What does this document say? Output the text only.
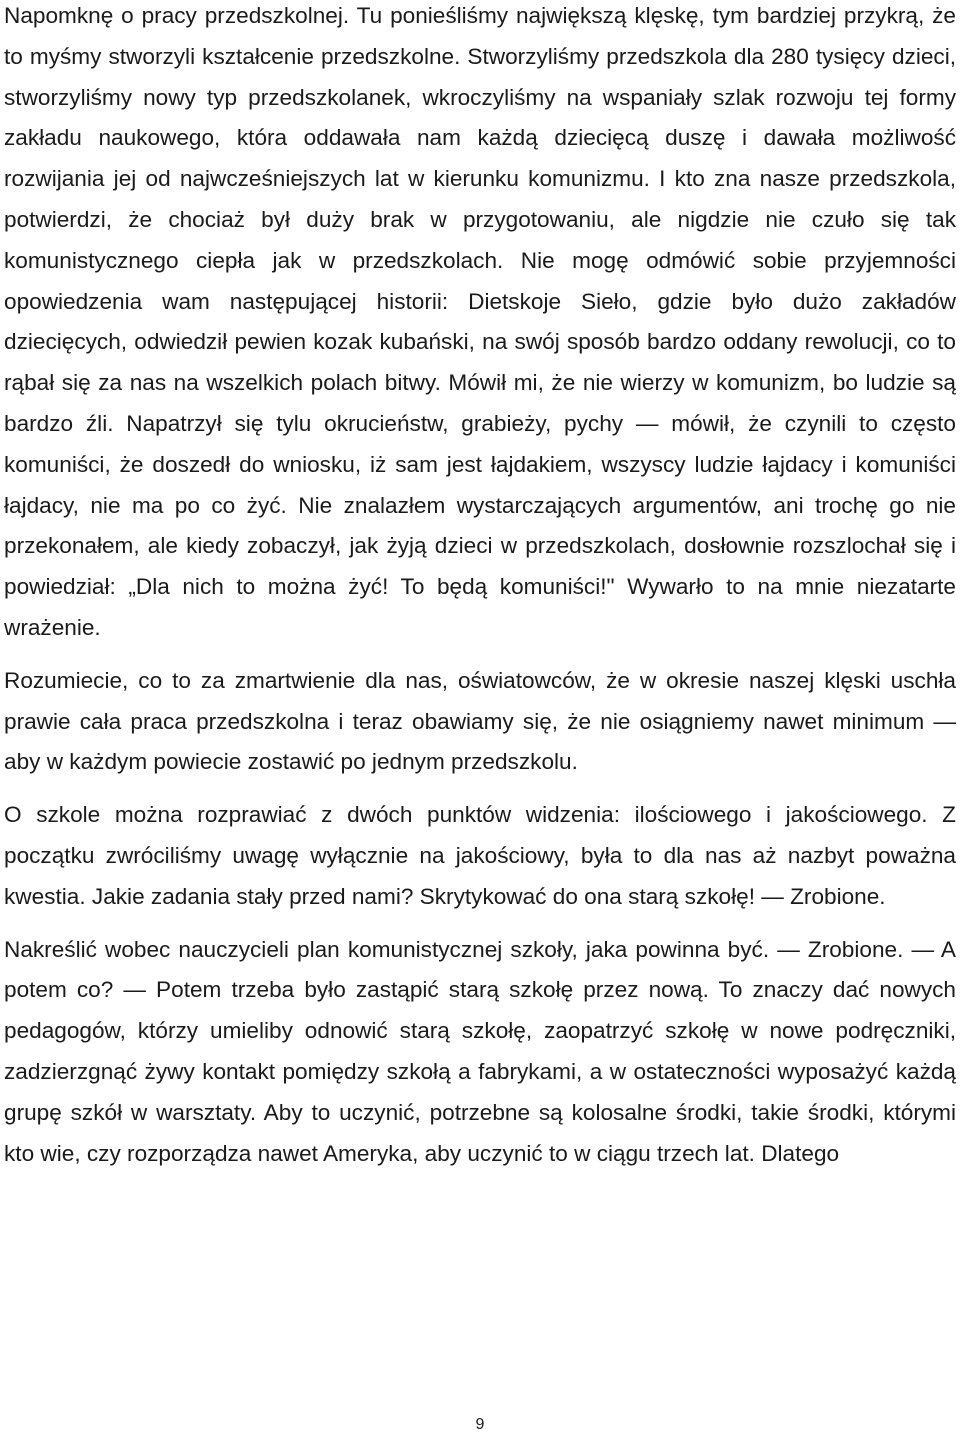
Napomknę o pracy przedszkolnej. Tu ponieśliśmy największą klęskę, tym bardziej przykrą, że to myśmy stworzyli kształcenie przedszkolne. Stworzyliśmy przedszkola dla 280 tysięcy dzieci, stworzyliśmy nowy typ przedszkolanek, wkroczyliśmy na wspaniały szlak rozwoju tej formy zakładu naukowego, która oddawała nam każdą dziecięcą duszę i dawała możliwość rozwijania jej od najwcześniejszych lat w kierunku komunizmu. I kto zna nasze przedszkola, potwierdzi, że chociaż był duży brak w przygotowaniu, ale nigdzie nie czuło się tak komunistycznego ciepła jak w przedszkolach. Nie mogę odmówić sobie przyjemności opowiedzenia wam następującej historii: Dietskoje Sieło, gdzie było dużo zakładów dziecięcych, odwiedził pewien kozak kubański, na swój sposób bardzo oddany rewolucji, co to rąbał się za nas na wszelkich polach bitwy. Mówił mi, że nie wierzy w komunizm, bo ludzie są bardzo źli. Napatrzył się tylu okrucieństw, grabieży, pychy — mówił, że czynili to często komuniści, że doszedł do wniosku, iż sam jest łajdakiem, wszyscy ludzie łajdacy i komuniści łajdacy, nie ma po co żyć. Nie znalazłem wystarczających argumentów, ani trochę go nie przekonałem, ale kiedy zobaczył, jak żyją dzieci w przedszkolach, dosłownie rozszlochał się i powiedział: „Dla nich to można żyć! To będą komuniści!" Wywarło to na mnie niezatarte wrażenie.

Rozumiecie, co to za zmartwienie dla nas, oświatowców, że w okresie naszej klęski uschła prawie cała praca przedszkolna i teraz obawiamy się, że nie osiągniemy nawet minimum — aby w każdym powiecie zostawić po jednym przedszkolu.

O szkole można rozprawiać z dwóch punktów widzenia: ilościowego i jakościowego. Z początku zwróciliśmy uwagę wyłącznie na jakościowy, była to dla nas aż nazbyt poważna kwestia. Jakie zadania stały przed nami? Skrytykować do ona starą szkołę! — Zrobione.

Nakreślić wobec nauczycieli plan komunistycznej szkoły, jaka powinna być. — Zrobione. — A potem co? — Potem trzeba było zastąpić starą szkołę przez nową. To znaczy dać nowych pedagogów, którzy umieliby odnowić starą szkołę, zaopatrzyć szkołę w nowe podręczniki, zadzierzgnąć żywy kontakt pomiędzy szkołą a fabrykami, a w ostateczności wyposażyć każdą grupę szkół w warsztaty. Aby to uczynić, potrzebne są kolosalne środki, takie środki, którymi kto wie, czy rozporządza nawet Ameryka, aby uczynić to w ciągu trzech lat. Dlatego

9
